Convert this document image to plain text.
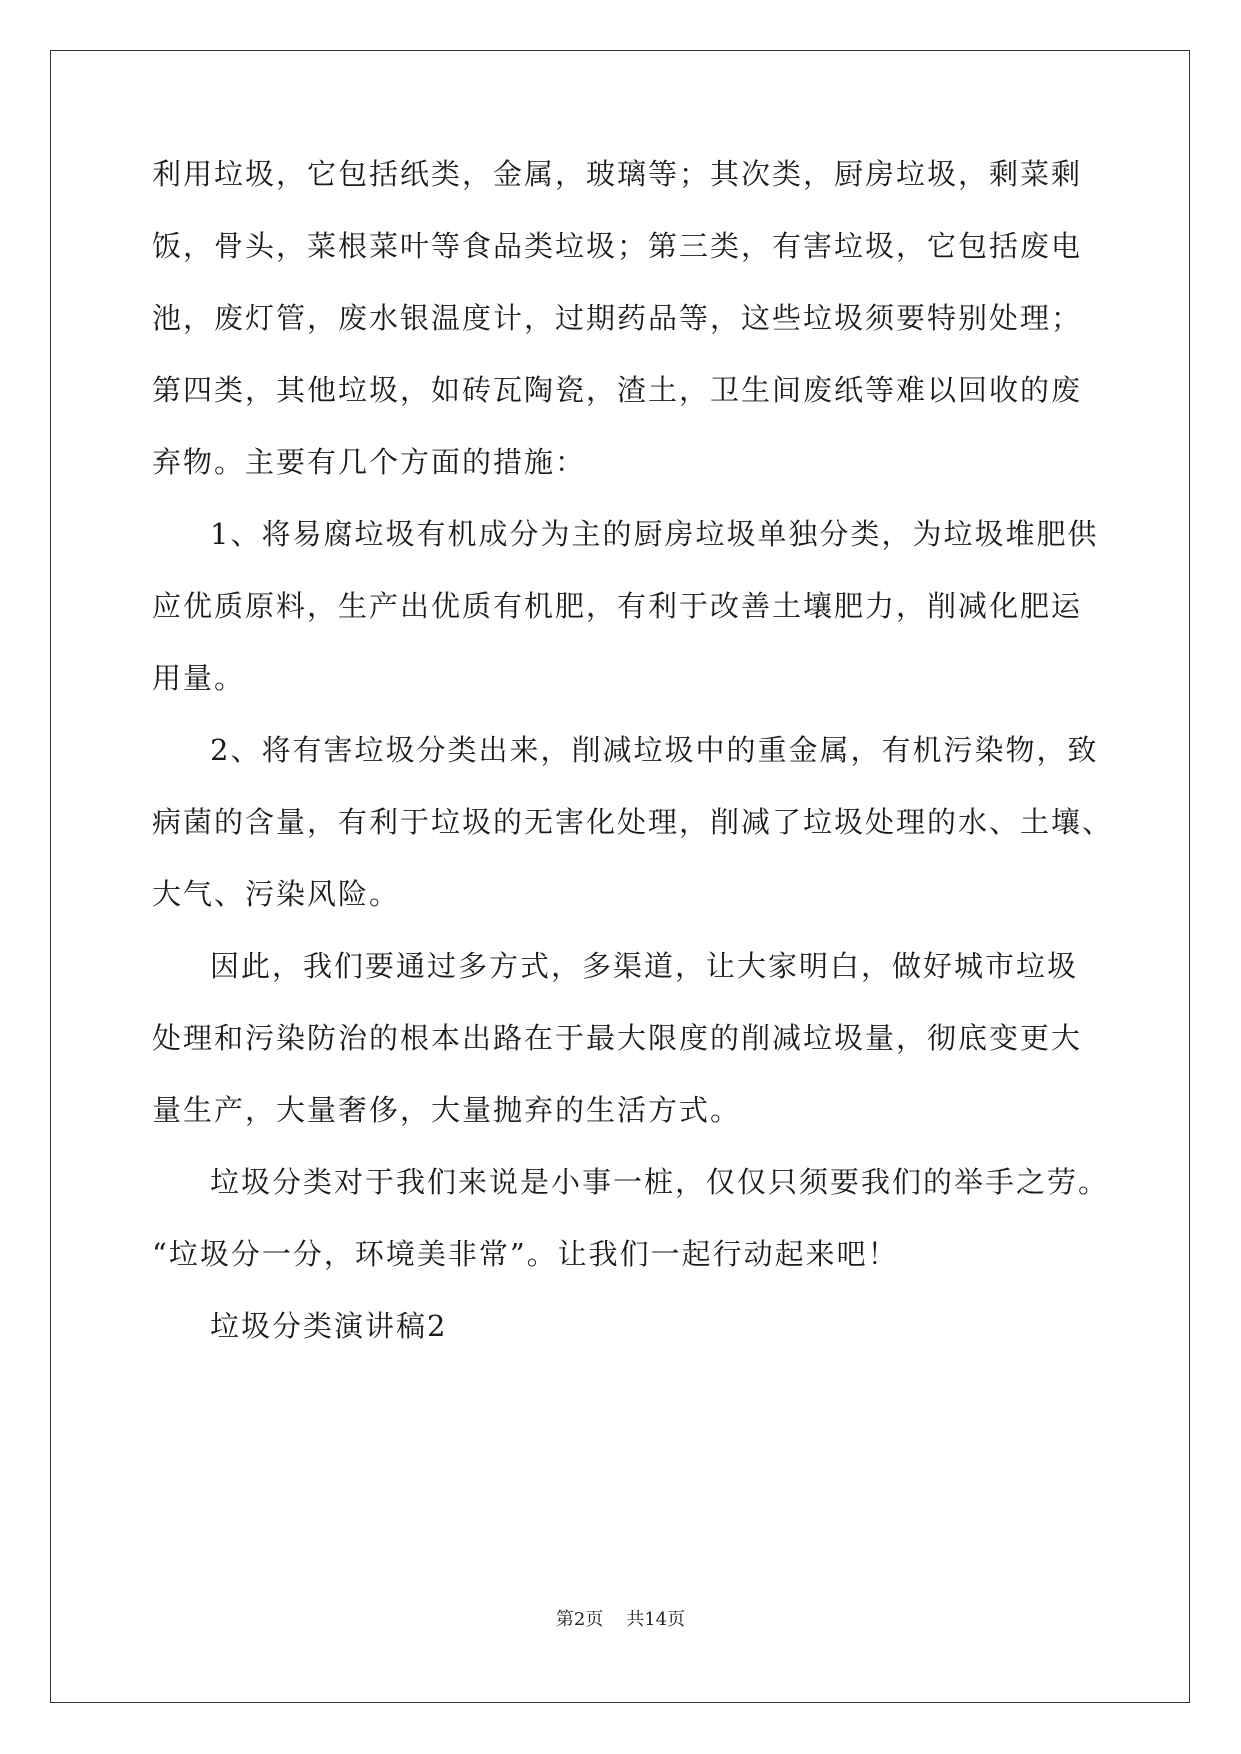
利用垃圾，它包括纸类，金属，玻璃等；其次类，厨房垃圾，剩菜剩
饭，骨头，菜根菜叶等食品类垃圾；第三类，有害垃圾，它包括废电
池，废灯管，废水银温度计，过期药品等，这些垃圾须要特别处理；
第四类，其他垃圾，如砖瓦陶瓷，渣土，卫生间废纸等难以回收的废
弃物。主要有几个方面的措施：
1、将易腐垃圾有机成分为主的厨房垃圾单独分类，为垃圾堆肥供
应优质原料，生产出优质有机肥，有利于改善土壤肥力，削减化肥运
用量。
2、将有害垃圾分类出来，削减垃圾中的重金属，有机污染物，致
病菌的含量，有利于垃圾的无害化处理，削减了垃圾处理的水、土壤、
大气、污染风险。
因此，我们要通过多方式，多渠道，让大家明白，做好城市垃圾
处理和污染防治的根本出路在于最大限度的削减垃圾量，彻底变更大
量生产，大量奢侈，大量抛弃的生活方式。
垃圾分类对于我们来说是小事一桩，仅仅只须要我们的举手之劳。
“垃圾分一分，环境美非常”。让我们一起行动起来吧！
垃圾分类演讲稿2
第2页 共14页
